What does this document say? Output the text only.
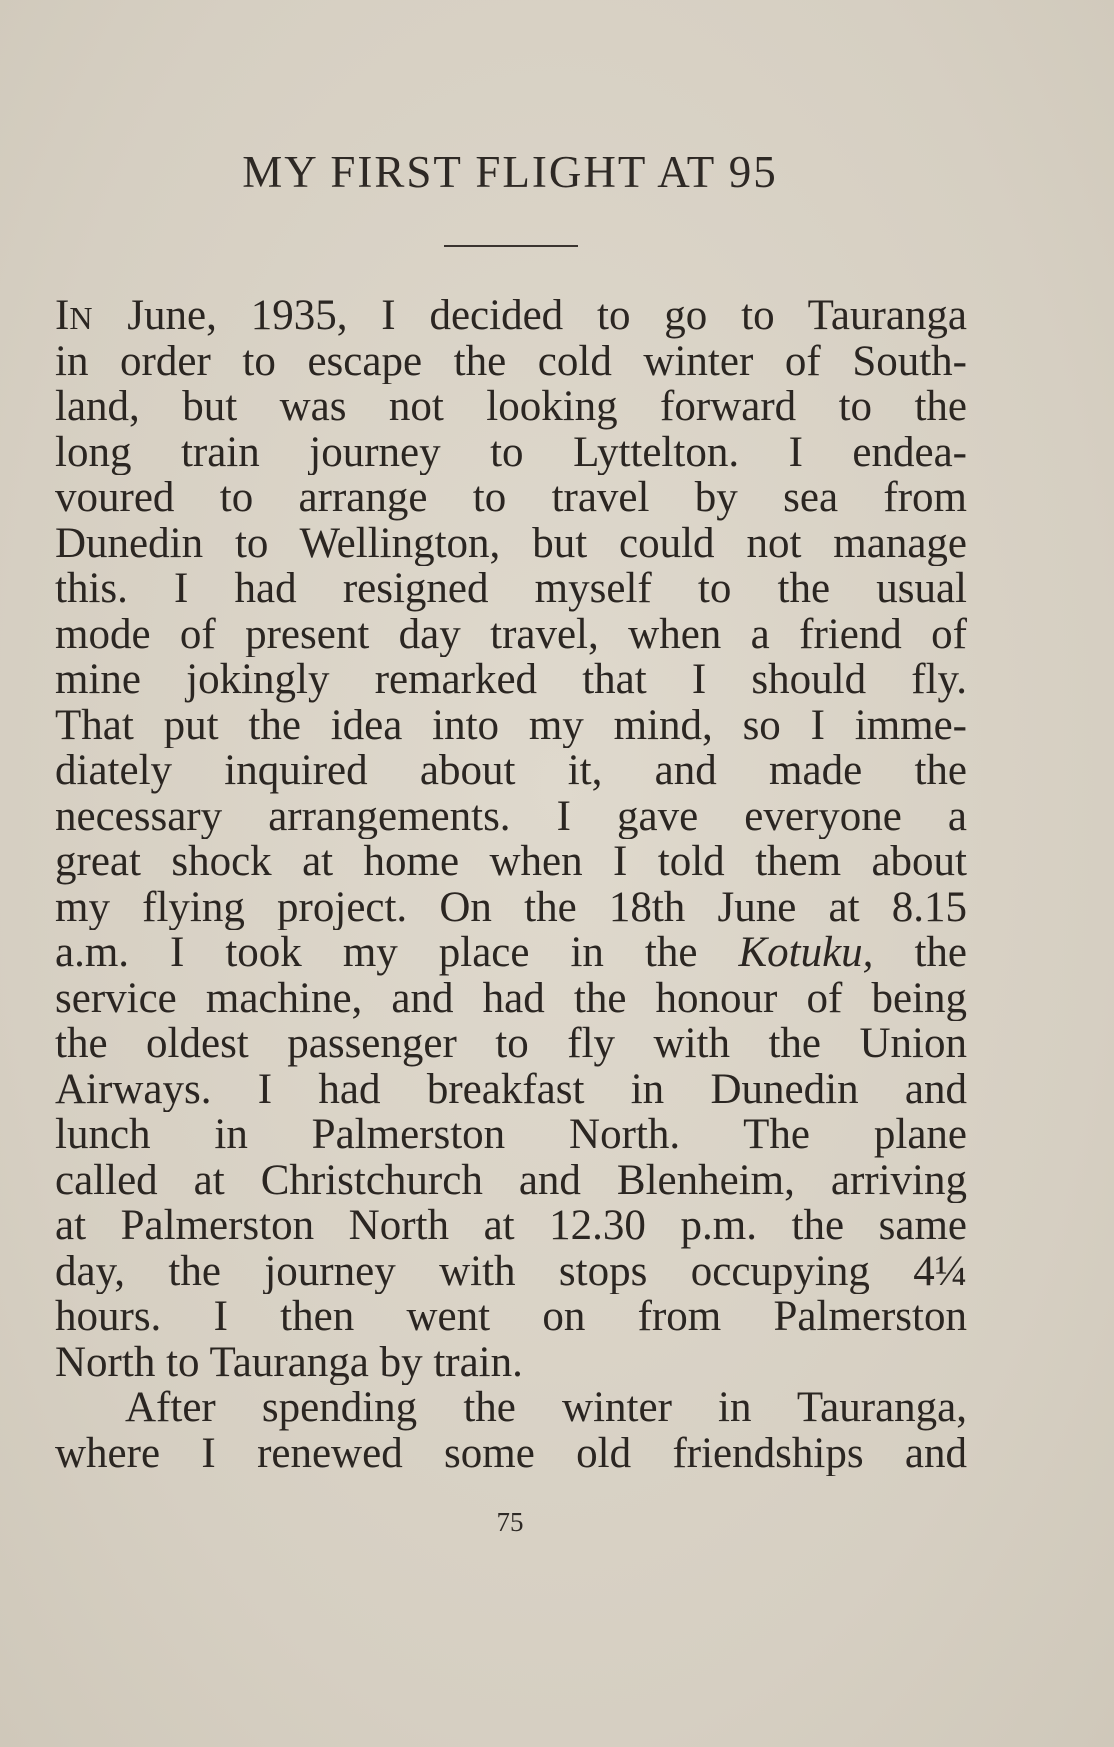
MY FIRST FLIGHT AT 95
IN June, 1935, I decided to go to Tauranga
in order to escape the cold winter of South-
land, but was not looking forward to the
long train journey to Lyttelton. I endea-
voured to arrange to travel by sea from
Dunedin to Wellington, but could not manage
this. I had resigned myself to the usual
mode of present day travel, when a friend of
mine jokingly remarked that I should fly.
That put the idea into my mind, so I imme-
diately inquired about it, and made the
necessary arrangements. I gave everyone a
great shock at home when I told them about
my flying project. On the 18th June at 8.15
a.m. I took my place in the Kotuku, the
service machine, and had the honour of being
the oldest passenger to fly with the Union
Airways. I had breakfast in Dunedin and
lunch in Palmerston North. The plane
called at Christchurch and Blenheim, arriving
at Palmerston North at 12.30 p.m. the same
day, the journey with stops occupying 4¼
hours. I then went on from Palmerston
North to Tauranga by train.
After spending the winter in Tauranga,
where I renewed some old friendships and
75
